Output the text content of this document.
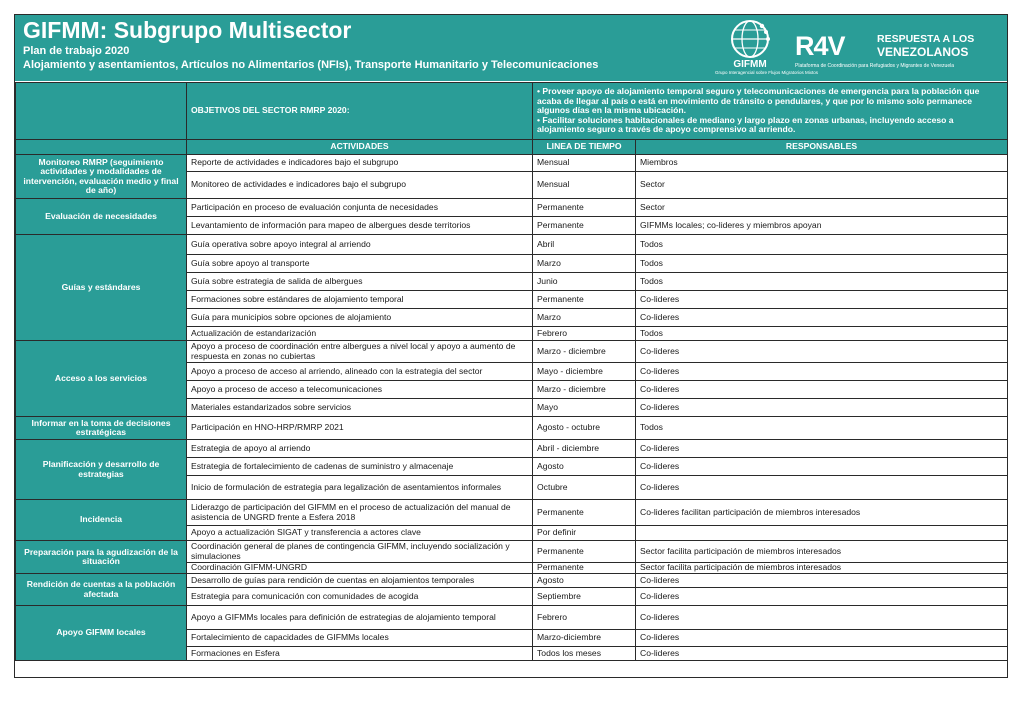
GIFMM: Subgrupo Multisector
Plan de trabajo 2020
Alojamiento y asentamientos, Artículos no Alimentarios (NFIs), Transporte Humanitario y Telecomunicaciones	GIFMM
Grupo Interagencial sobre Flujos Migratorios Mixtos
R4V	RESPUESTA A LOS
VENEZOLANOS
Plataforma de Coordinación para Refugiados y Migrantes de Venezuela
	OBJETIVOS DEL SECTOR RMRP 2020:	• Proveer apoyo de alojamiento temporal seguro y telecomunicaciones de emergencia para la población que acaba de llegar al país o está en movimiento de tránsito o pendulares, y que por lo mismo solo permanece algunos días en la misma ubicación.
• Facilitar soluciones habitacionales de mediano y largo plazo en zonas urbanas, incluyendo acceso a alojamiento seguro a través de apoyo comprensivo al arriendo.	

	ACTIVIDADES	LINEA DE TIEMPO	RESPONSABLES
Monitoreo RMRP (seguimiento actividades y modalidades de intervención, evaluación medio y final de año)	Reporte de actividades e indicadores bajo el subgrupo	Mensual	Miembros
	Monitoreo de actividades e indicadores bajo el subgrupo	Mensual	Sector
Evaluación de necesidades	Participación en proceso de evaluación conjunta de necesidades	Permanente	Sector
	Levantamiento de información para mapeo de albergues desde territorios	Permanente	GIFMMs locales; co-lideres y miembros apoyan
Guías y estándares	Guía operativa sobre apoyo integral al arriendo	Abril	Todos
	Guía sobre apoyo al transporte	Marzo	Todos
	Guía sobre estrategia de salida de albergues	Junio	Todos
	Formaciones sobre estándares de alojamiento temporal	Permanente	Co-lideres
	Guía para municipios sobre opciones de alojamiento	Marzo	Co-lideres
	Actualización de estandarización	Febrero	Todos
Acceso a los servicios	Apoyo a proceso de coordinación entre albergues a nivel local y apoyo a aumento de respuesta en zonas no cubiertas	Marzo - diciembre	Co-lideres
	Apoyo a proceso de acceso al arriendo, alineado con la estrategia del sector	Mayo - diciembre	Co-lideres
	Apoyo a proceso de acceso a telecomunicaciones	Marzo - diciembre	Co-lideres
	Materiales estandarizados sobre servicios	Mayo	Co-lideres
Informar en la toma de decisiones estratégicas	Participación en HNO-HRP/RMRP 2021	Agosto - octubre	Todos
Planificación y desarrollo de estrategias	Estrategia de apoyo al arriendo	Abril - diciembre	Co-lideres
	Estrategia de fortalecimiento de cadenas de suministro y almacenaje	Agosto	Co-lideres
	Inicio de formulación de estrategia para legalización de asentamientos informales	Octubre	Co-lideres
Incidencia	Liderazgo de participación del GIFMM en el proceso de actualización del manual de asistencia de UNGRD frente a Esfera 2018	Permanente	Co-lideres facilitan participación de miembros interesados
	Apoyo a actualización SIGAT y transferencia a actores clave	Por definir	
Preparación para la agudización de la situación	Coordinación general de planes de contingencia GIFMM, incluyendo socialización y simulaciones	Permanente	Sector facilita participación de miembros interesados
	Coordinación GIFMM-UNGRD	Permanente	Sector facilita participación de miembros interesados
Rendición de cuentas a la población afectada	Desarrollo de guías para rendición de cuentas en alojamientos temporales	Agosto	Co-lideres
	Estrategia para comunicación con comunidades de acogida	Septiembre	Co-lideres
Apoyo GIFMM locales	Apoyo a GIFMMs locales para definición de estrategias de alojamiento temporal	Febrero	Co-lideres
	Fortalecimiento de capacidades de GIFMMs locales	Marzo-diciembre	Co-lideres
	Formaciones en Esfera	Todos los meses	Co-lideres
